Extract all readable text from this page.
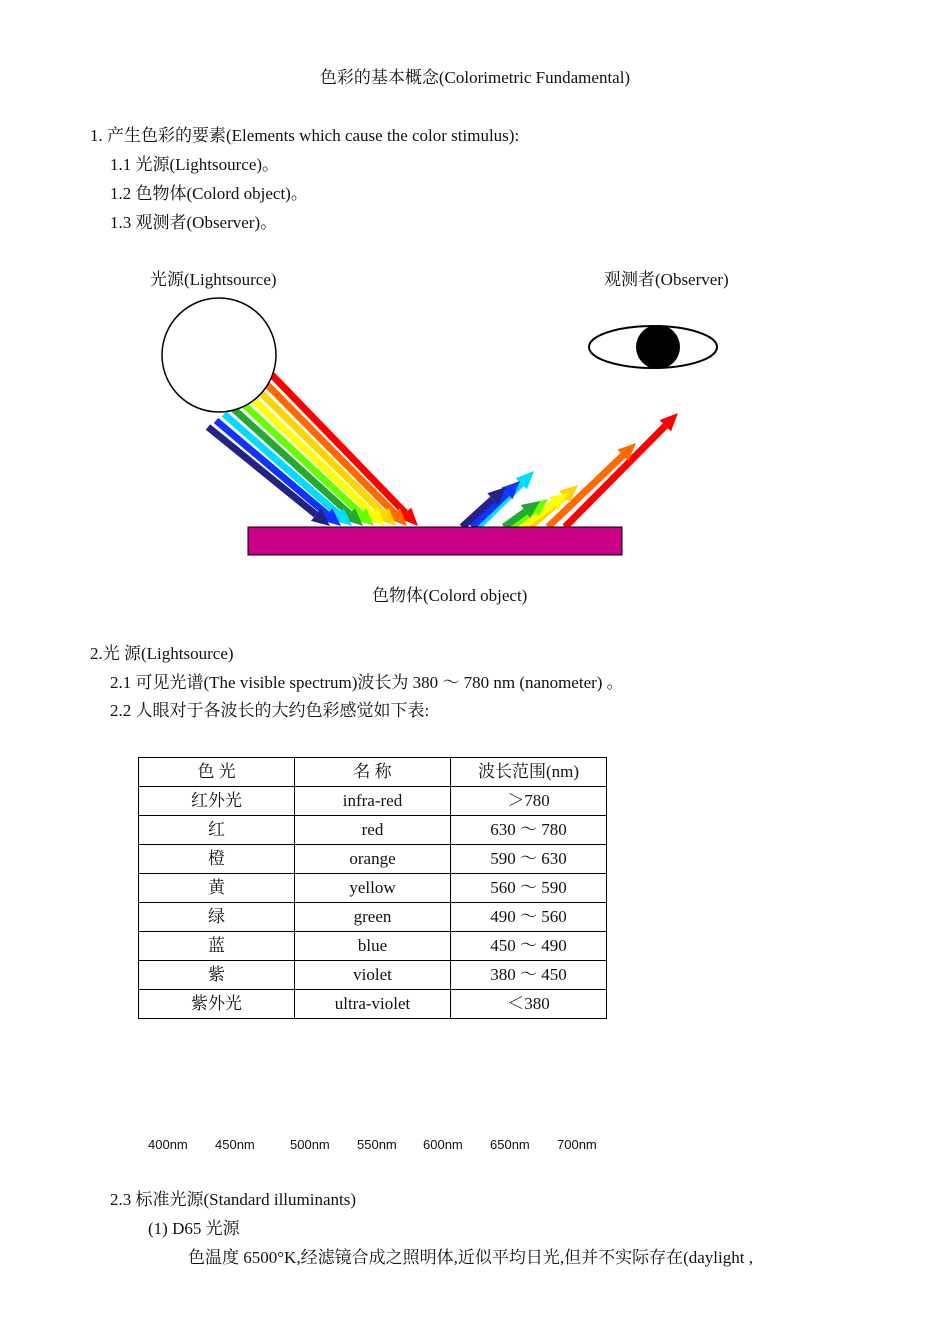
色彩的基本概念(Colorimetric Fundamental)
1. 产生色彩的要素(Elements which cause the color stimulus):
1.1 光源(Lightsource)。
1.2 色物体(Colord object)。
1.3 观测者(Observer)。
光源(Lightsource)	观测者(Observer)
色物体(Colord object)
2.光 源(Lightsource)
2.1 可见光谱(The visible spectrum)波长为 380 ～ 780 nm (nanometer) 。
2.2 人眼对于各波长的大约色彩感觉如下表:
色 光	名 称	波长范围(nm)
红外光	infra-red	＞780
红	red	630 ～ 780
橙	orange	590 ～ 630
黄	yellow	560 ～ 590
绿	green	490 ～ 560
蓝	blue	450 ～ 490
紫	violet	380 ～ 450
紫外光	ultra-violet	＜380
400nm 450nm	500nm 550nm 600nm 650nm 700nm
2.3 标准光源(Standard illuminants)
(1) D65 光源
色温度 6500°K,经滤镜合成之照明体,近似平均日光,但并不实际存在(daylight ,
